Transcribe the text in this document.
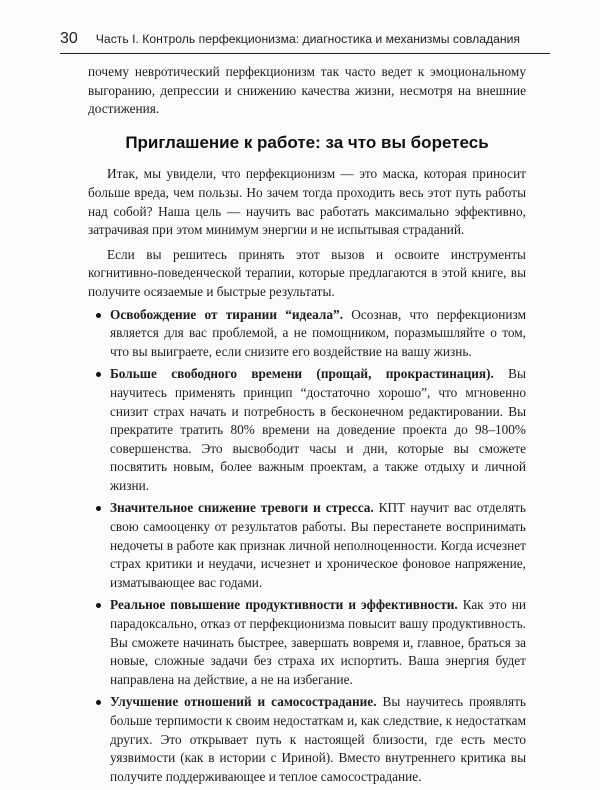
30 Часть I. Контроль перфекционизма: диагностика и механизмы совладания

почему невротический перфекционизм так часто ведет к эмоциональному выгоранию, депрессии и снижению качества жизни, несмотря на внешние достижения.

Приглашение к работе: за что вы боретесь

Итак, мы увидели, что перфекционизм — это маска, которая приносит больше вреда, чем пользы. Но зачем тогда проходить весь этот путь работы над собой? Наша цель — научить вас работать максимально эффективно, затрачивая при этом минимум энергии и не испытывая страданий.

Если вы решитесь принять этот вызов и освоите инструменты когнитивно-поведенческой терапии, которые предлагаются в этой книге, вы получите осязаемые и быстрые результаты.

Освобождение от тирании “идеала”. Осознав, что перфекционизм является для вас проблемой, а не помощником, поразмышляйте о том, что вы выиграете, если снизите его воздействие на вашу жизнь.
Больше свободного времени (прощай, прокрастинация). Вы научитесь применять принцип “достаточно хорошо”, что мгновенно снизит страх начать и потребность в бесконечном редактировании. Вы прекратите тратить 80% времени на доведение проекта до 98–100% совершенства. Это высвободит часы и дни, которые вы сможете посвятить новым, более важным проектам, а также отдыху и личной жизни.
Значительное снижение тревоги и стресса. КПТ научит вас отделять свою самооценку от результатов работы. Вы перестанете воспринимать недочеты в работе как признак личной неполноценности. Когда исчезнет страх критики и неудачи, исчезнет и хроническое фоновое напряжение, изматывающее вас годами.
Реальное повышение продуктивности и эффективности. Как это ни парадоксально, отказ от перфекционизма повысит вашу продуктивность. Вы сможете начинать быстрее, завершать вовремя и, главное, браться за новые, сложные задачи без страха их испортить. Ваша энергия будет направлена на действие, а не на избегание.
Улучшение отношений и самосострадание. Вы научитесь проявлять больше терпимости к своим недостаткам и, как следствие, к недостаткам других. Это открывает путь к настоящей близости, где есть место уязвимости (как в истории с Ириной). Вместо внутреннего критика вы получите поддерживающее и теплое самосострадание.
